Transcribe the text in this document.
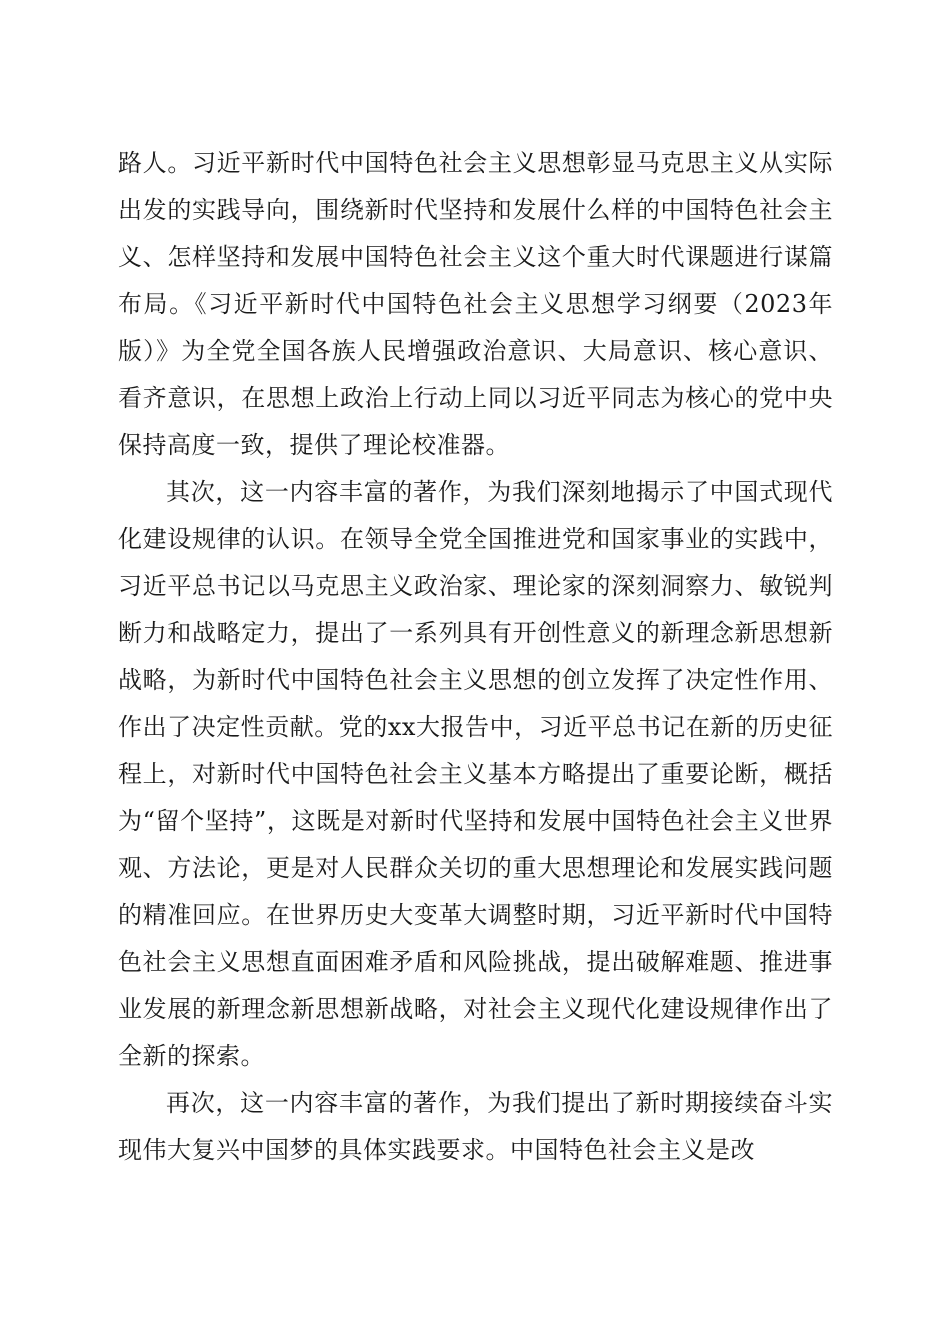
路人。习近平新时代中国特色社会主义思想彰显马克思主义从实际出发的实践导向，围绕新时代坚持和发展什么样的中国特色社会主义、怎样坚持和发展中国特色社会主义这个重大时代课题进行谋篇布局。《习近平新时代中国特色社会主义思想学习纲要（2023年版）》为全党全国各族人民增强政治意识、大局意识、核心意识、看齐意识，在思想上政治上行动上同以习近平同志为核心的党中央保持高度一致，提供了理论校准器。

其次，这一内容丰富的著作，为我们深刻地揭示了中国式现代化建设规律的认识。在领导全党全国推进党和国家事业的实践中，习近平总书记以马克思主义政治家、理论家的深刻洞察力、敏锐判断力和战略定力，提出了一系列具有开创性意义的新理念新思想新战略，为新时代中国特色社会主义思想的创立发挥了决定性作用、作出了决定性贡献。党的xx大报告中，习近平总书记在新的历史征程上，对新时代中国特色社会主义基本方略提出了重要论断，概括为“留个坚持”，这既是对新时代坚持和发展中国特色社会主义世界观、方法论，更是对人民群众关切的重大思想理论和发展实践问题的精准回应。在世界历史大变革大调整时期，习近平新时代中国特色社会主义思想直面困难矛盾和风险挑战，提出破解难题、推进事业发展的新理念新思想新战略，对社会主义现代化建设规律作出了全新的探索。

再次，这一内容丰富的著作，为我们提出了新时期接续奋斗实现伟大复兴中国梦的具体实践要求。中国特色社会主义是改
